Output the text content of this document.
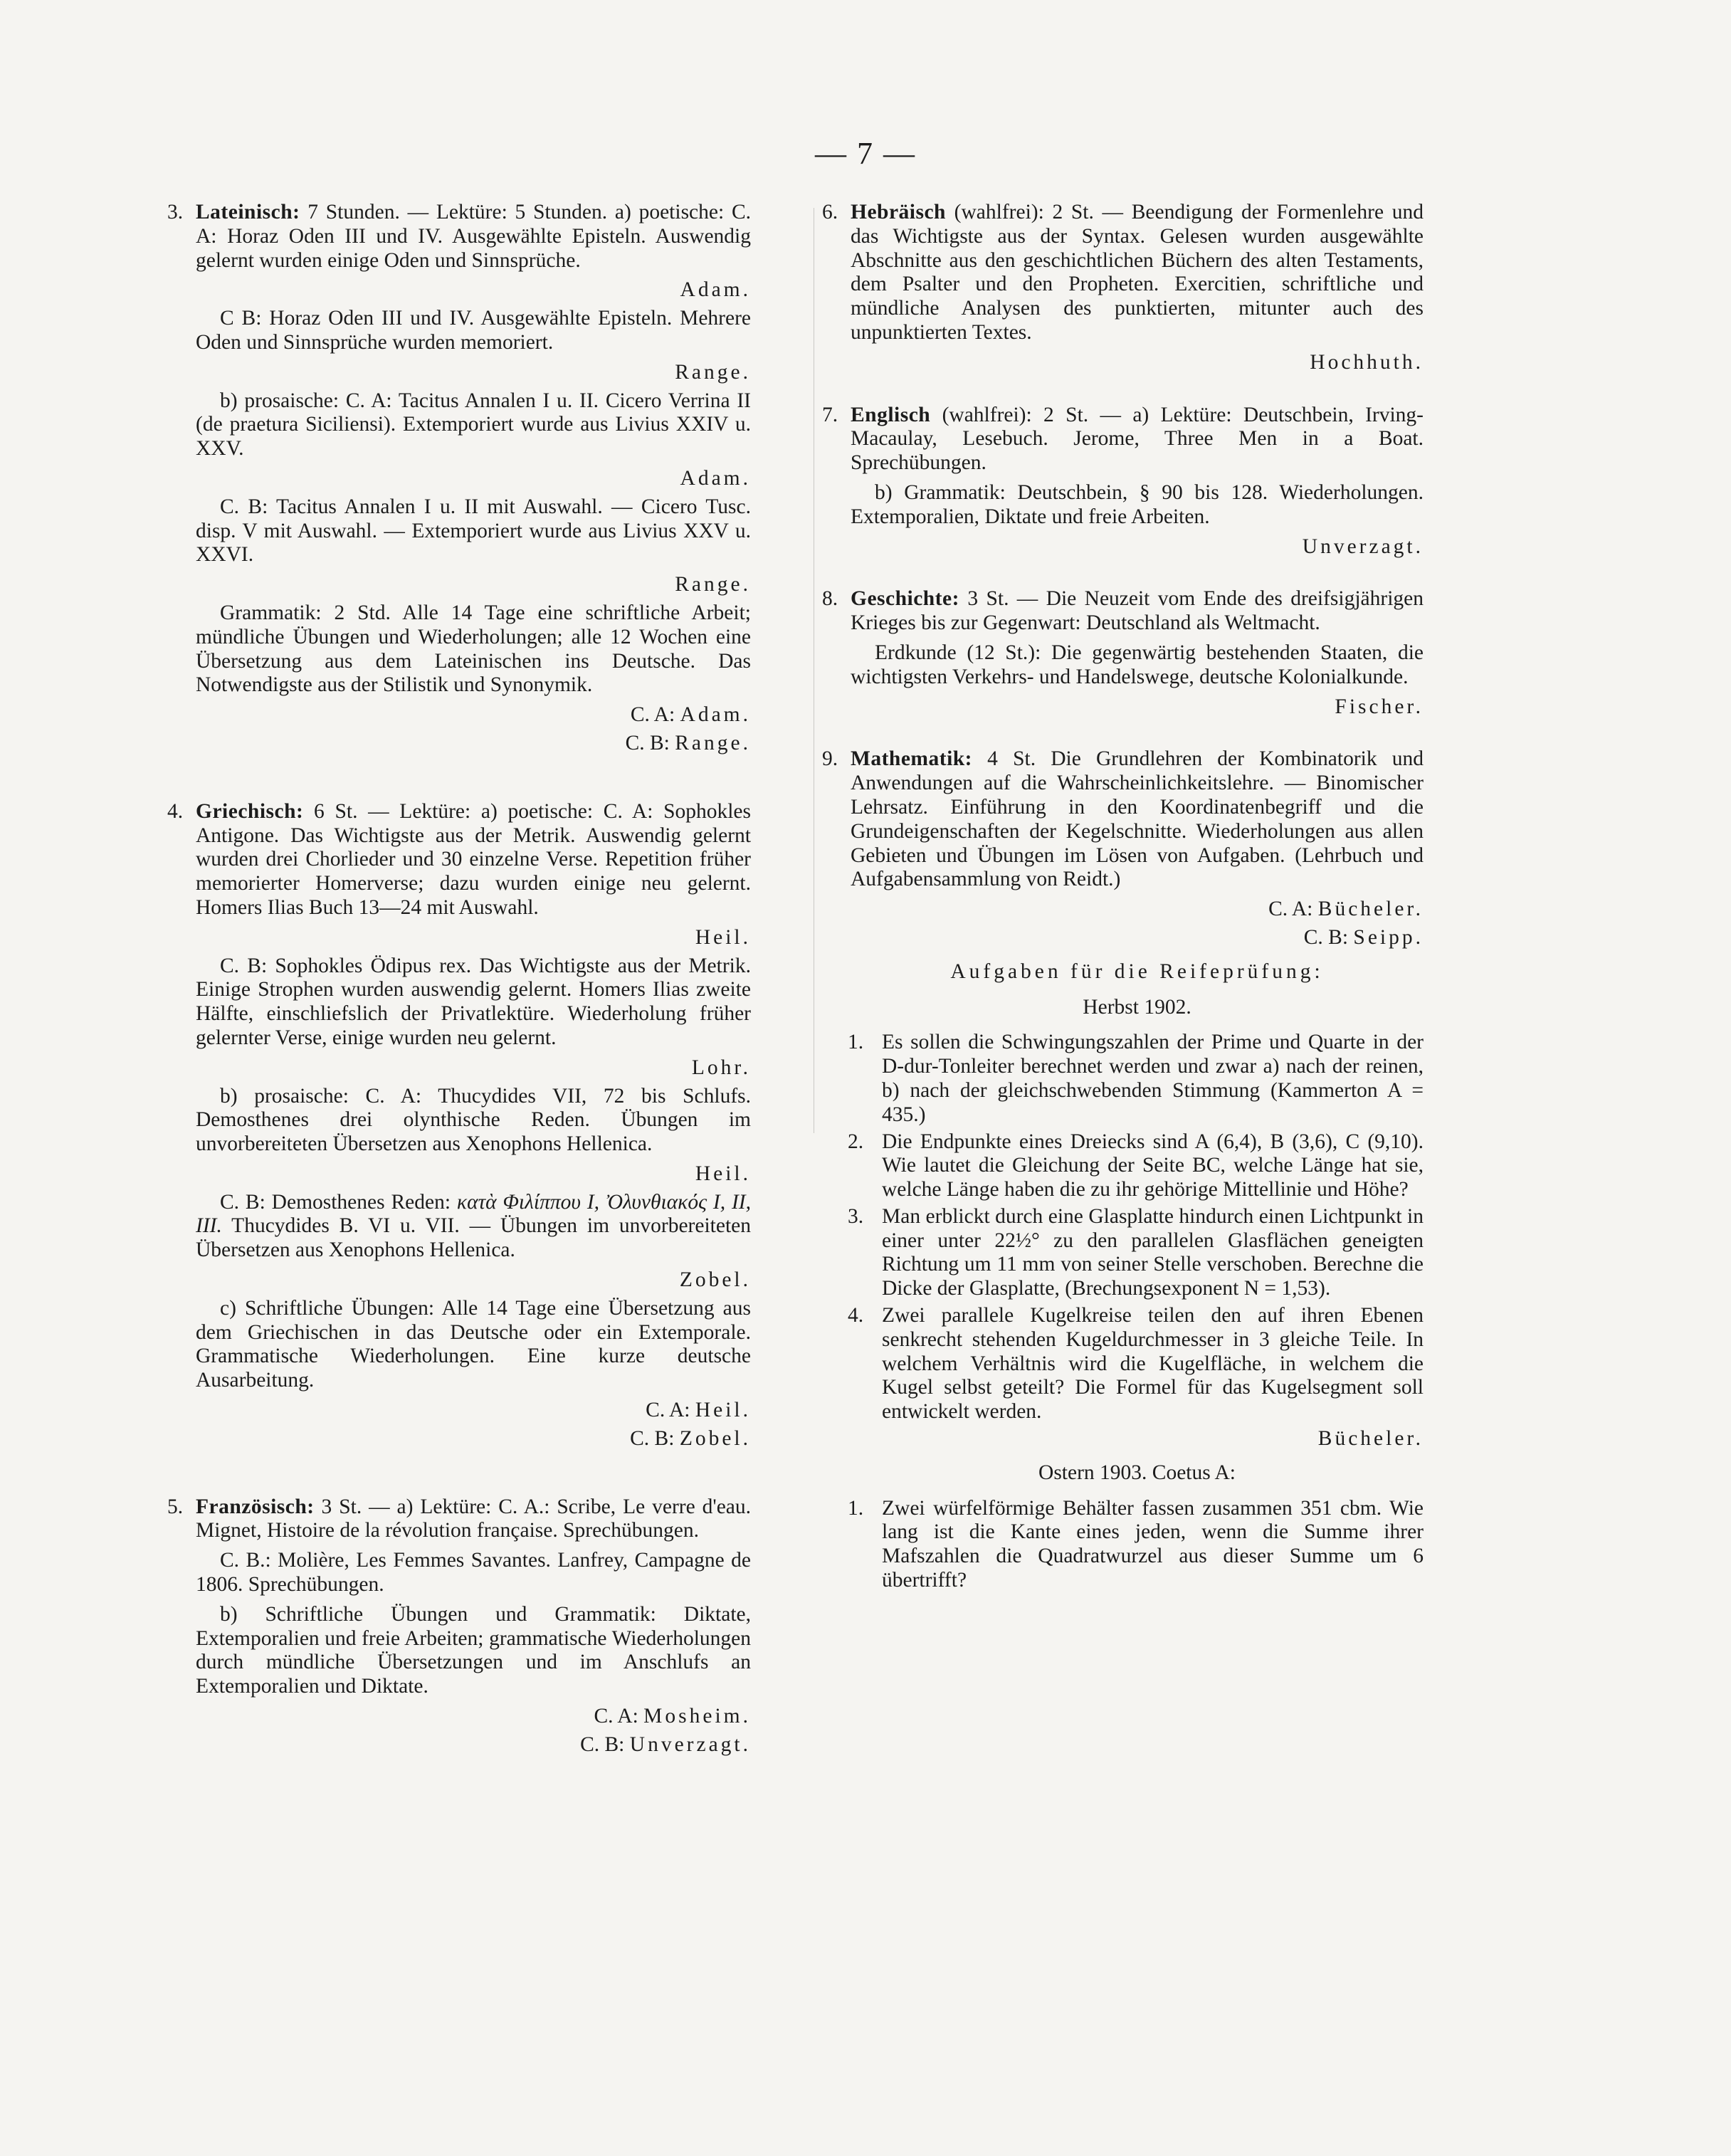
— 7 —
3. Lateinisch: 7 Stunden. — Lektüre: 5 Stunden. a) poetische: C. A: Horaz Oden III und IV. Ausgewählte Episteln. Auswendig gelernt wurden einige Oden und Sinnsprüche.

Adam.

C B: Horaz Oden III und IV. Ausgewählte Episteln. Mehrere Oden und Sinnsprüche wurden memoriert.

Range.

b) prosaische: C. A: Tacitus Annalen I u. II. Cicero Verrina II (de praetura Siciliensi). Extemporiert wurde aus Livius XXIV u. XXV.

Adam.

C. B: Tacitus Annalen I u. II mit Auswahl. — Cicero Tusc. disp. V mit Auswahl. — Extemporiert wurde aus Livius XXV u. XXVI.

Range.

Grammatik: 2 Std. Alle 14 Tage eine schriftliche Arbeit; mündliche Übungen und Wiederholungen; alle 12 Wochen eine Übersetzung aus dem Lateinischen ins Deutsche. Das Notwendigste aus der Stilistik und Synonymik.

C. A: Adam.
C. B: Range.
4. Griechisch: 6 St. — Lektüre: a) poetische: C. A: Sophokles Antigone. Das Wichtigste aus der Metrik. Auswendig gelernt wurden drei Chorlieder und 30 einzelne Verse. Repetition früher memorierter Homerverse; dazu wurden einige neu gelernt. Homers Ilias Buch 13—24 mit Auswahl.

Heil.

C. B: Sophokles Ödipus rex. Das Wichtigste aus der Metrik. Einige Strophen wurden auswendig gelernt. Homers Ilias zweite Hälfte, einschliefslich der Privatlektüre. Wiederholung früher gelernter Verse, einige wurden neu gelernt.

Lohr.

b) prosaische: C. A: Thucydides VII, 72 bis Schlufs. Demosthenes drei olynthische Reden. Übungen im unvorbereiteten Übersetzen aus Xenophons Hellenica.

Heil.

C. B: Demosthenes Reden: κατὰ Φιλίππου I, Ὀλυνθιακός I, II, III. Thucydides B. VI u. VII. — Übungen im unvorbereiteten Übersetzen aus Xenophons Hellenica.

Zobel.

c) Schriftliche Übungen: Alle 14 Tage eine Übersetzung aus dem Griechischen in das Deutsche oder ein Extemporale. Grammatische Wiederholungen. Eine kurze deutsche Ausarbeitung.

C. A: Heil.
C. B: Zobel.
5. Französisch: 3 St. — a) Lektüre: C. A.: Scribe, Le verre d'eau. Mignet, Histoire de la révolution française. Sprechübungen.

C. B.: Molière, Les Femmes Savantes. Lanfrey, Campagne de 1806. Sprechübungen.

b) Schriftliche Übungen und Grammatik: Diktate, Extemporalien und freie Arbeiten; grammatische Wiederholungen durch mündliche Übersetzungen und im Anschlufs an Extemporalien und Diktate.

C. A: Mosheim.
C. B: Unverzagt.
6. Hebräisch (wahlfrei): 2 St. — Beendigung der Formenlehre und das Wichtigste aus der Syntax. Gelesen wurden ausgewählte Abschnitte aus den geschichtlichen Büchern des alten Testaments, dem Psalter und den Propheten. Exercitien, schriftliche und mündliche Analysen des punktierten, mitunter auch des unpunktierten Textes.

Hochhuth.
7. Englisch (wahlfrei): 2 St. — a) Lektüre: Deutschbein, Irving-Macaulay, Lesebuch. Jerome, Three Men in a Boat. Sprechübungen.

b) Grammatik: Deutschbein, § 90 bis 128. Wiederholungen. Extemporalien, Diktate und freie Arbeiten.

Unverzagt.
8. Geschichte: 3 St. — Die Neuzeit vom Ende des dreifsigjährigen Krieges bis zur Gegenwart: Deutschland als Weltmacht.

Erdkunde (12 St.): Die gegenwärtig bestehenden Staaten, die wichtigsten Verkehrs- und Handelswege, deutsche Kolonialkunde.

Fischer.
9. Mathematik: 4 St. Die Grundlehren der Kombinatorik und Anwendungen auf die Wahrscheinlichkeitslehre. — Binomischer Lehrsatz. Einführung in den Koordinatenbegriff und die Grundeigenschaften der Kegelschnitte. Wiederholungen aus allen Gebieten und Übungen im Lösen von Aufgaben. (Lehrbuch und Aufgabensammlung von Reidt.)

C. A: Bücheler.
C. B: Seipp.
Aufgaben für die Reifeprüfung:
Herbst 1902.
1. Es sollen die Schwingungszahlen der Prime und Quarte in der D-dur-Tonleiter berechnet werden und zwar a) nach der reinen, b) nach der gleichschwebenden Stimmung (Kammerton A = 435.)
2. Die Endpunkte eines Dreiecks sind A (6,4), B (3,6), C (9,10). Wie lautet die Gleichung der Seite BC, welche Länge hat sie, welche Länge haben die zu ihr gehörige Mittellinie und Höhe?
3. Man erblickt durch eine Glasplatte hindurch einen Lichtpunkt in einer unter 22½° zu den parallelen Glasflächen geneigten Richtung um 11 mm von seiner Stelle verschoben. Berechne die Dicke der Glasplatte, (Brechungsexponent N = 1,53).
4. Zwei parallele Kugelkreise teilen den auf ihren Ebenen senkrecht stehenden Kugeldurchmesser in 3 gleiche Teile. In welchem Verhältnis wird die Kugelfläche, in welchem die Kugel selbst geteilt? Die Formel für das Kugelsegment soll entwickelt werden.
Bücheler.
Ostern 1903. Coetus A:
1. Zwei würfelförmige Behälter fassen zusammen 351 cbm. Wie lang ist die Kante eines jeden, wenn die Summe ihrer Mafszahlen die Quadratwurzel aus dieser Summe um 6 übertrifft?
